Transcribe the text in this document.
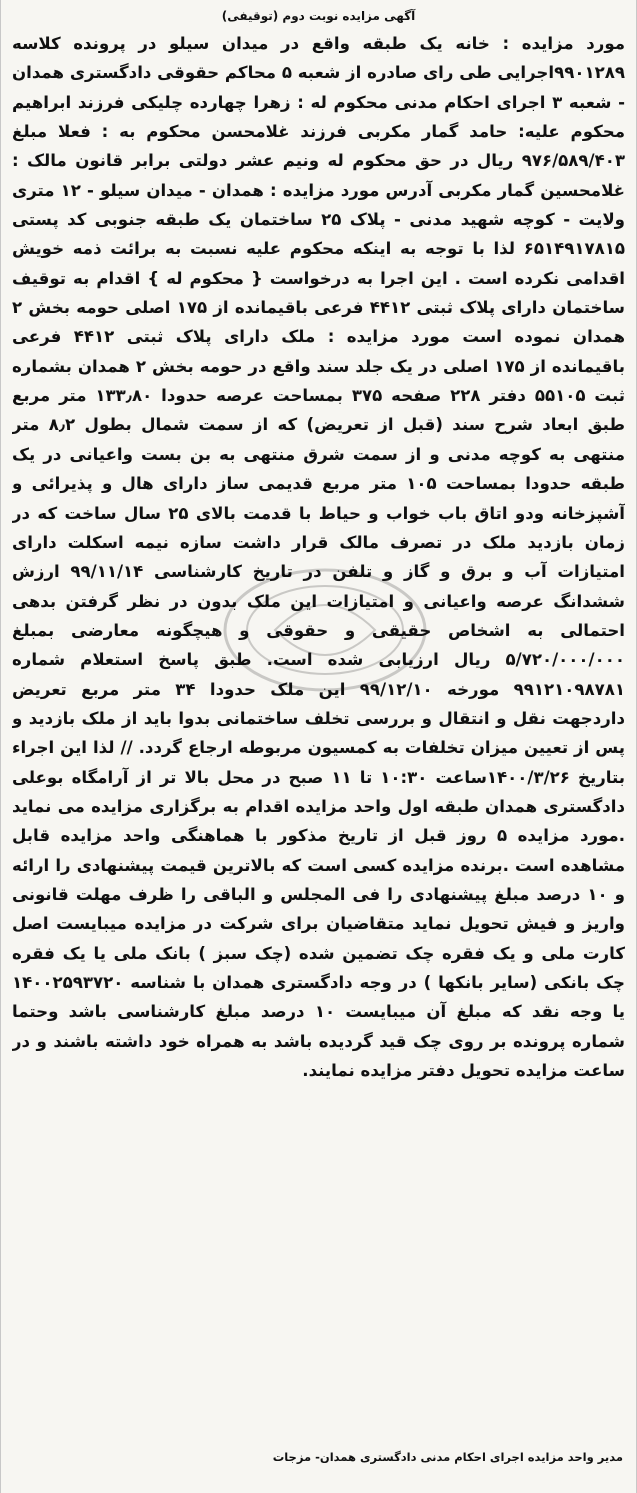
آگهی مزایده نوبت دوم (توقیفی)

مورد مزایده : خانه یک طبقه واقع در میدان سیلو در پرونده کلاسه ۹۹۰۱۲۸۹اجرایی طی رای صادره از شعبه ۵ محاکم حقوقی دادگستری همدان - شعبه ۳ اجرای احکام مدنی محکوم له : زهرا چهارده چلیکی فرزند ابراهیم محکوم علیه: حامد گمار مکربی فرزند غلامحسن محکوم به : فعلا مبلغ ۹۷۶/۵۸۹/۴۰۳ ریال در حق محکوم له ونیم عشر دولتی برابر قانون مالک : غلامحسین گمار مکربی آدرس مورد مزایده : همدان - میدان سیلو - ۱۲ متری ولایت - کوچه شهید مدنی - پلاک ۲۵ ساختمان یک طبقه جنوبی کد پستی ۶۵۱۴۹۱۷۸۱۵ لذا با توجه به اینکه محکوم علیه نسبت به برائت ذمه خویش اقدامی نکرده است . این اجرا به درخواست { محکوم له } اقدام به توقیف ساختمان دارای پلاک ثبتی ۴۴۱۲ فرعی باقیمانده از ۱۷۵ اصلی حومه بخش ۲ همدان نموده است مورد مزایده : ملک دارای پلاک ثبتی ۴۴۱۲ فرعی باقیمانده از ۱۷۵ اصلی در یک جلد سند واقع در حومه بخش ۲ همدان بشماره ثبت ۵۵۱۰۵ دفتر ۲۲۸ صفحه ۳۷۵ بمساحت عرصه حدودا ۱۳۳٫۸۰ متر مربع طبق ابعاد شرح سند (قبل از تعریض) که از سمت شمال بطول ۸٫۲ متر منتهی به کوچه مدنی و از سمت شرق منتهی به بن بست واعیانی در یک طبقه حدودا بمساحت ۱۰۵ متر مربع قدیمی ساز دارای هال و پذیرائی و آشپزخانه ودو اتاق باب خواب و حیاط با قدمت بالای ۲۵ سال ساخت که در زمان بازدید ملک در تصرف مالک قرار داشت سازه نیمه اسکلت دارای امتیازات آب و برق و گاز و تلفن در تاریخ کارشناسی ۹۹/۱۱/۱۴ ارزش ششدانگ عرصه واعیانی و امتیازات این ملک بدون در نظر گرفتن بدهی احتمالی به اشخاص حقیقی و حقوقی و هیچگونه معارضی بمبلغ ۵/۷۲۰/۰۰۰/۰۰۰ ریال ارزیابی شده است. طبق پاسخ استعلام شماره ۹۹۱۲۱۰۹۸۷۸۱ مورخه ۹۹/۱۲/۱۰ این ملک حدودا ۳۴ متر مربع تعریض داردجهت نقل و انتقال و بررسی تخلف ساختمانی بدوا باید از ملک بازدید و پس از تعیین میزان تخلفات به کمسیون مربوطه ارجاع گردد. // لذا این اجراء بتاریخ ۱۴۰۰/۳/۲۶ساعت ۱۰:۳۰ تا ۱۱ صبح در محل بالا تر از آرامگاه بوعلی دادگستری همدان طبقه اول واحد مزایده اقدام به برگزاری مزایده می نماید .مورد مزایده ۵ روز قبل از تاریخ مذکور با هماهنگی واحد مزایده قابل مشاهده است .برنده مزایده کسی است که بالاترین قیمت پیشنهادی را ارائه و ۱۰ درصد مبلغ پیشنهادی را فی المجلس و الباقی را ظرف مهلت قانونی واریز و فیش تحویل نماید متقاضیان برای شرکت در مزایده میبایست اصل کارت ملی و یک فقره چک تضمین شده (چک سبز ) بانک ملی یا یک فقره چک بانکی (سایر بانکها ) در وجه دادگستری همدان با شناسه ۱۴۰۰۲۵۹۳۷۲۰ یا وجه نقد که مبلغ آن میبایست ۱۰ درصد مبلغ کارشناسی باشد وحتما شماره پرونده بر روی چک قید گردیده باشد به همراه خود داشته باشند و در ساعت مزایده تحویل دفتر مزایده نمایند.

مدیر واحد مزایده اجرای احکام مدنی دادگستری همدان- مزجات
